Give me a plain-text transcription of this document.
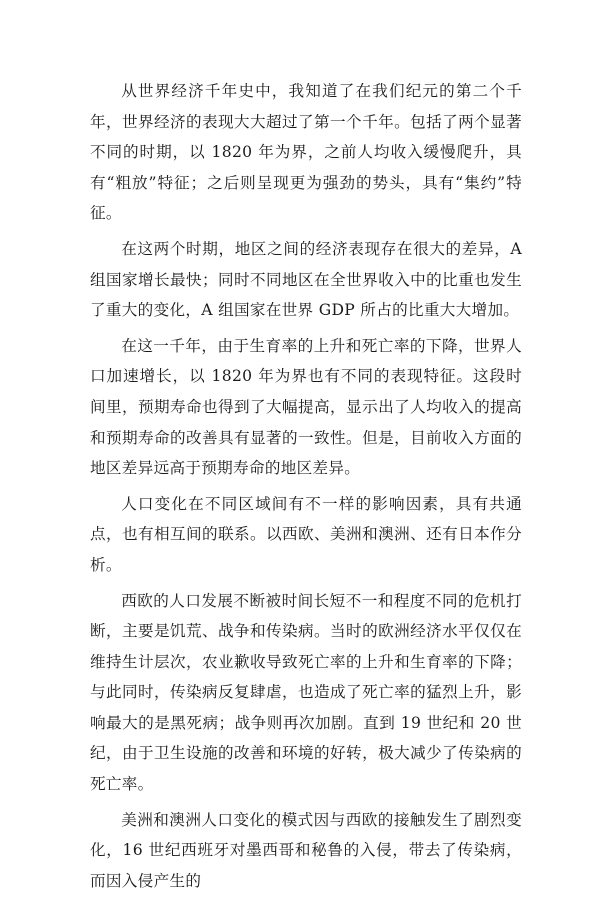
从世界经济千年史中，我知道了在我们纪元的第二个千年，世界经济的表现大大超过了第一个千年。包括了两个显著不同的时期，以 1820 年为界，之前人均收入缓慢爬升，具有“粗放”特征；之后则呈现更为强劲的势头，具有“集约”特征。

在这两个时期，地区之间的经济表现存在很大的差异，A 组国家增长最快；同时不同地区在全世界收入中的比重也发生了重大的变化，A 组国家在世界 GDP 所占的比重大大增加。

在这一千年，由于生育率的上升和死亡率的下降，世界人口加速增长，以 1820 年为界也有不同的表现特征。这段时间里，预期寿命也得到了大幅提高，显示出了人均收入的提高和预期寿命的改善具有显著的一致性。但是，目前收入方面的地区差异远高于预期寿命的地区差异。

人口变化在不同区域间有不一样的影响因素，具有共通点，也有相互间的联系。以西欧、美洲和澳洲、还有日本作分析。

西欧的人口发展不断被时间长短不一和程度不同的危机打断，主要是饥荒、战争和传染病。当时的欧洲经济水平仅仅在维持生计层次，农业歉收导致死亡率的上升和生育率的下降；与此同时，传染病反复肆虐，也造成了死亡率的猛烈上升，影响最大的是黑死病；战争则再次加剧。直到 19 世纪和 20 世纪，由于卫生设施的改善和环境的好转，极大减少了传染病的死亡率。

美洲和澳洲人口变化的模式因与西欧的接触发生了剧烈变化，16 世纪西班牙对墨西哥和秘鲁的入侵，带去了传染病，而因入侵产生的
